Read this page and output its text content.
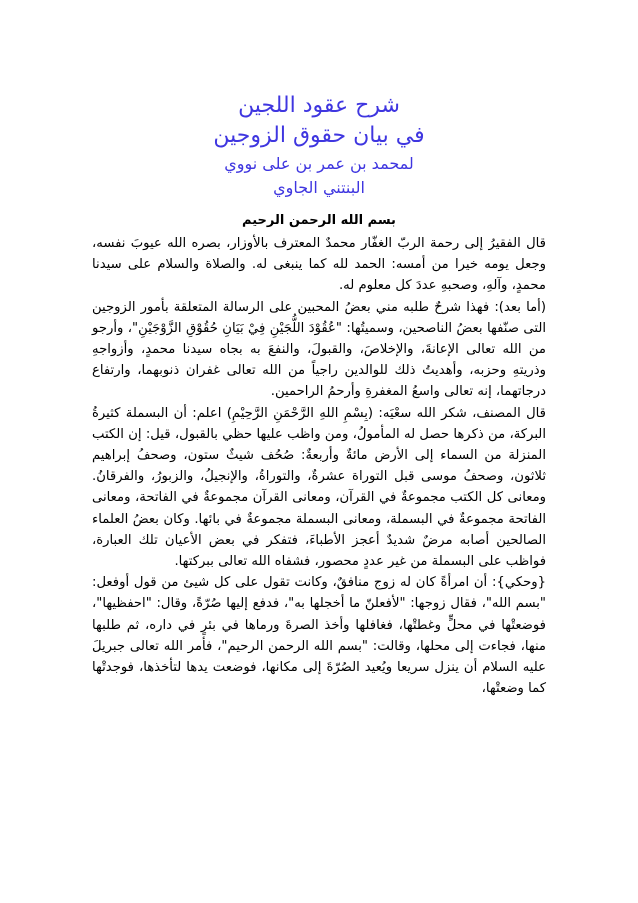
شرح عقود اللجين

في بيان حقوق الزوجين

لمحمد بن عمر بن على نووي

البنتني الجاوي

بسم الله الرحمن الرحيم

قال الفقيرُ إلى رحمة الربّ الغفّار محمدٌ المعترف بالأوزار، بصره الله عيوبَ نفسه، وجعل يومه خيرا من أمسه: الحمد لله كما ينبغى له. والصلاة والسلام على سيدنا محمدٍ، وآلهِ، وصحبهِ عددَ كل معلوم له.

(أما بعد): فهذا شرحٌ طلبه مني بعضُ المحبين على الرسالة المتعلقة بأمور الزوجين التى صنّفها بعضُ الناصحين، وسميتُها: "عُقُوْدَ اللُّجَيْنِ فِيْ بَيَانِ حُقُوْقِ الزَّوْجَيْنِ"، وأرجو من الله تعالى الإعانةَ، والإخلاصَ، والقبولَ، والنفعَ به بجاه سيدنا محمدٍ، وأزواجهِ وذريتهِ وحزبه، وأهديتُ ذلك للوالدين راجياً من الله تعالى غفران ذنوبهما، وارتفاع درجاتهما، إنه تعالى واسعُ المغفرةِ وأرحمُ الراحمين.

قال المصنف، شكر الله سعْيَه: (بِسْمِ اللهِ الرَّحْمَنِ الرَّحِيْمِ) اعلم: أن البسملة كثيرةُ البركة، من ذكرها حصل له المأمولُ، ومن واظب عليها حظي بالقبول، قيل: إن الكتب المنزلة من السماء إلى الأرض مائةٌ وأربعةٌ: صُحُف شيثٌ ستون، وصحفُ إبراهيم ثلاثون، وصحفُ موسى قبل التوراة عشرةٌ، والتوراةُ، والإنجيلُ، والزبورُ، والفرقانُ. ومعانى كل الكتب مجموعةٌ في القرآن، ومعانى القرآن مجموعةٌ في الفاتحة، ومعانى الفاتحة مجموعةٌ في البسملة، ومعانى البسملة مجموعةٌ في بائها. وكان بعضُ العلماء الصالحين أصابه مرضٌ شديدٌ أعجز الأطباءَ، فتفكر في بعض الأعيان تلك العبارة، فواظب على البسملة من غير عددٍ محصور، فشفاه الله تعالى ببركتها.

{وحكي}: أن امرأةً كان له زوج منافقٌ، وكانت تقول على كل شيئ من قول أوفعل: "بسم الله"، فقال زوجها: "لأفعلنّ ما أخجلها به"، فدفع إليها صُرّةً، وقال: "احفظيها"، فوضعتْها في محلٍّ وغطتْها، فغافلها وأخذ الصرةَ ورماها في بئرٍ في داره، ثم طلبها منها، فجاءت إلى محلها، وقالت: "بسم الله الرحمن الرحيم"، فأمر الله تعالى جبريلَ عليه السلام أن ينزل سريعا ويُعيد الصُرّةَ إلى مكانها، فوضعت يدها لتأخذها، فوجدتْها كما وضعتْها،
